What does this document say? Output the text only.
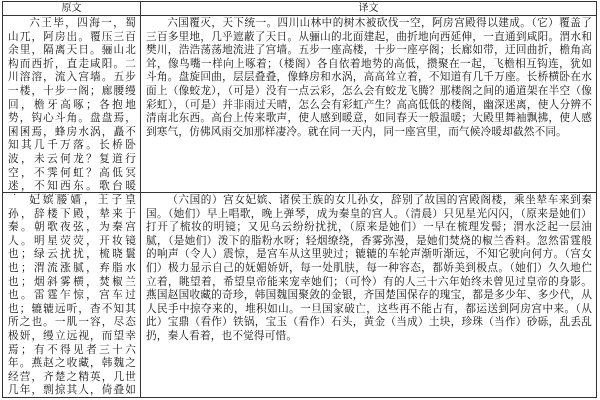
原文	译文

六王毕，四海一，蜀山兀，阿房出。覆压三百余里，隔离天日。骊山北构而西折，直走咸阳。二川溶溶，流入宫墙。五步一楼，十步一阁；廊腰缦回，檐牙高啄；各抱地势，钩心斗角。盘盘焉，囷囷焉，蜂房水涡，矗不知其几千万落。长桥卧波，未云何龙？复道行空，不霁何虹？高低冥迷，不知西东。歌台暖

六国覆灭，天下统一。四川山林中的树木被砍伐一空，阿房宫殿得以建成。（它）覆盖了三百多里地，几乎遮蔽了天日。从骊山的北面建起，曲折地向西延伸，一直通到咸阳。渭水和樊川，浩浩荡荡地流进了宫墙。五步一座高楼，十步一座亭阁；长廊如带，迂回曲折，檐角高耸，像鸟嘴一样向上啄着；（楼阁）各自依着地势的高低，攒聚在一起，飞檐相互钩连，犹如斗角。盘旋回曲，层层叠叠，像蜂房和水涡，高高耸立着，不知道有几千万座。长桥横卧在水面上（像蛟龙），（可是）没有一点云彩，怎么会有蛟龙飞腾？那楼阁之间的通道架在半空（像彩虹），（可是）并非雨过天晴，怎么会有彩虹产生？高高低低的楼阁，幽深迷离，使人分辨不清南北东西。高台上传来歌声，使人感到暖意，如同春天一般温暖；大殿里舞袖飘拂，使人感到寒气，仿佛风雨交加那样凄冷。就在同一天内，同一座宫里，而气候冷暖却截然不同。

妃嫔媵嫱，王子皇孙，辞楼下殿，辇来于秦。朝歌夜弦，为秦宫人。明星荧荧，开妆镜也；绿云扰扰，梳晓鬟也；渭流涨腻，弃脂水也；烟斜雾横，焚椒兰也。雷霆乍惊，宫车过也；辘辘远听，杳不知其所之也。一肌一容，尽态极妍，缦立远视，而望幸焉；有不得见者三十六年。燕赵之收藏，韩魏之经营，齐楚之精英，几世几年，剽掠其人，倚叠如

（六国的）宫女妃嫔、诸侯王族的女儿孙女，辞别了故国的宫殿阁楼，乘坐辇车来到秦国。（她们）早上唱歌，晚上弹琴，成为秦皇的宫人。（清晨）只见星光闪闪，（原来是她们）打开了梳妆的明镜；又见乌云纷纷扰扰，（原来是她们）一早在梳理发髻；渭水泛起一层油腻，（是她们）泼下的脂粉水呀；轻烟缭绕，香雾弥漫，是她们焚烧的椒兰香料。忽然雷霆般的响声（令人）震惊，是宫车从这里驶过；辘辘的车轮声渐听渐远，不知它驶向何方。（宫女们）极力显示自己的妩媚娇妍，每一处肌肤，每一种容态，都娇美到极点。（她们）久久地伫立着，眺望着，希望皇帝能来宠幸她们；（可怜）有的人三十六年始终未曾见过皇帝的身影。燕国赵国收藏的奇珍，韩国魏国聚敛的金银，齐国楚国保存的瑰宝，都是多少年、多少代，从人民手中掠夺来的，堆积如山。一旦国家破亡，这些再不能占有，都运送到阿房宫中来。（从此）宝鼎（看作）铁锅，宝玉（看作）石头，黄金（当成）土块，珍珠（当作）砂砾，乱丢乱扔，秦人看着，也不觉得可惜。
